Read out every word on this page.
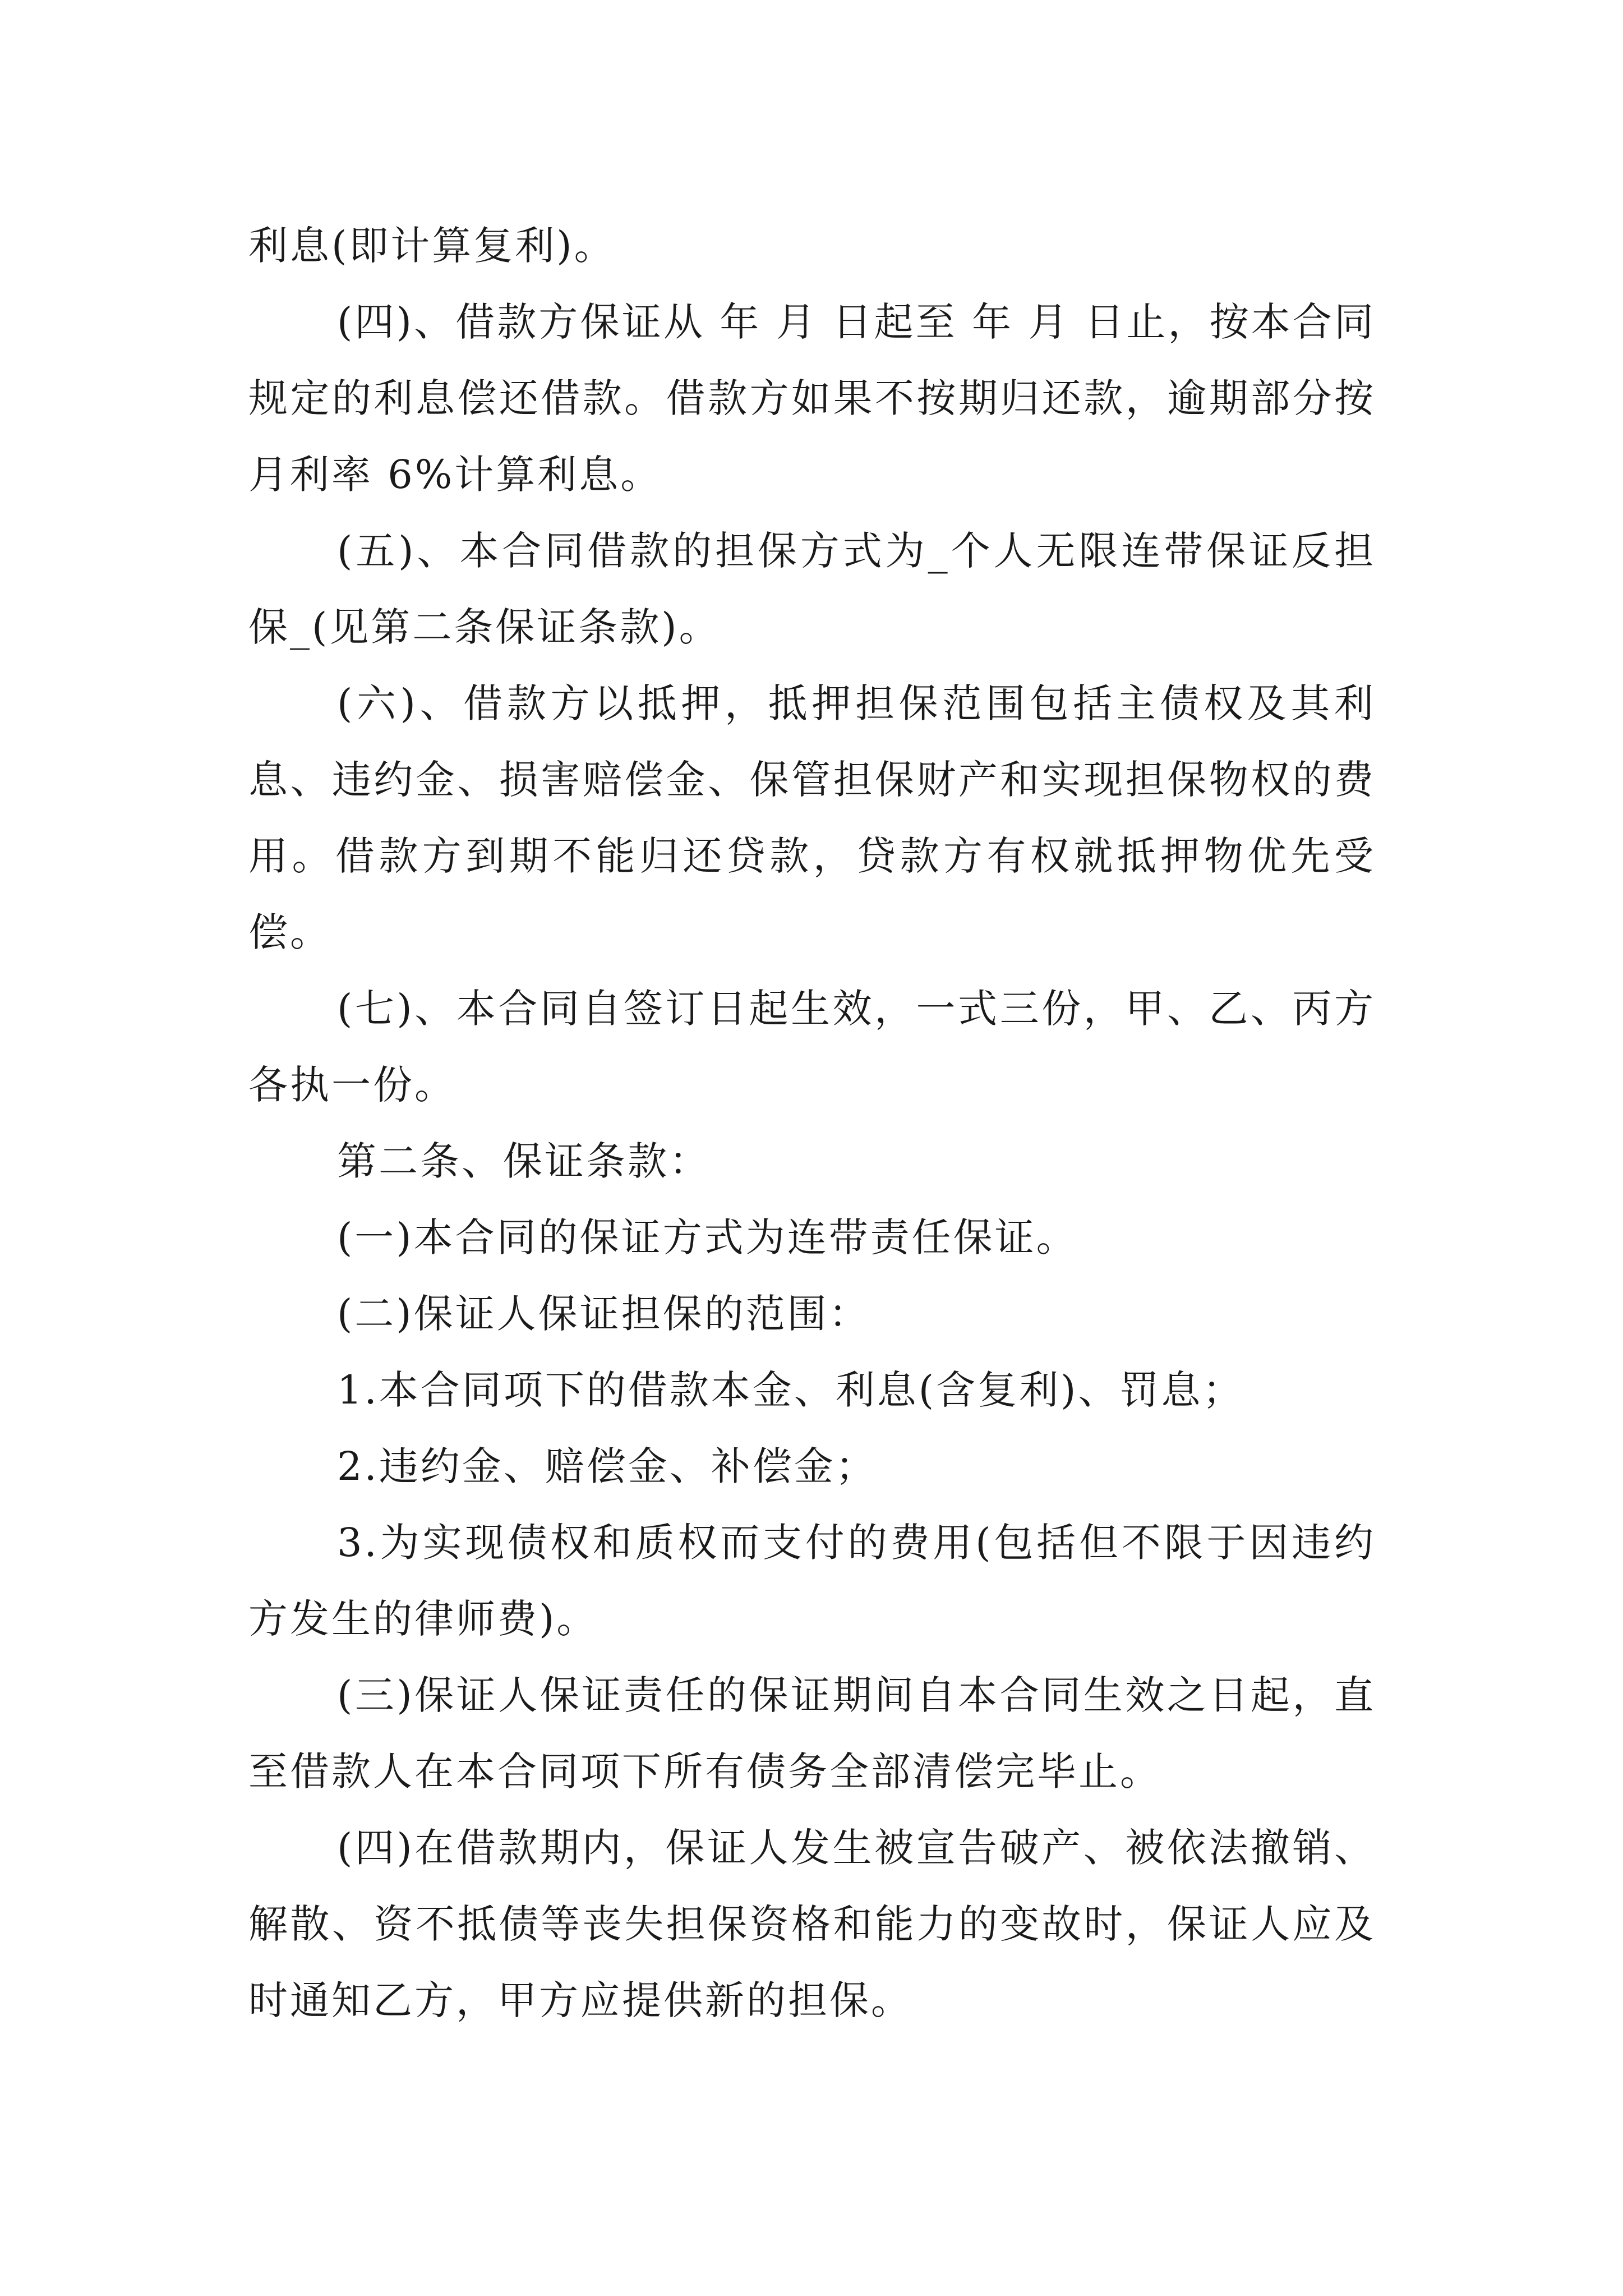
利息(即计算复利)。

(四)、借款方保证从 年 月 日起至 年 月 日止，按本合同规定的利息偿还借款。借款方如果不按期归还款，逾期部分按月利率 6%计算利息。

(五)、本合同借款的担保方式为_个人无限连带保证反担保_(见第二条保证条款)。

(六)、借款方以抵押，抵押担保范围包括主债权及其利息、违约金、损害赔偿金、保管担保财产和实现担保物权的费用。借款方到期不能归还贷款，贷款方有权就抵押物优先受偿。

(七)、本合同自签订日起生效，一式三份，甲、乙、丙方各执一份。

第二条、保证条款：

(一)本合同的保证方式为连带责任保证。

(二)保证人保证担保的范围：

1.本合同项下的借款本金、利息(含复利)、罚息；

2.违约金、赔偿金、补偿金；

3.为实现债权和质权而支付的费用(包括但不限于因违约方发生的律师费)。

(三)保证人保证责任的保证期间自本合同生效之日起，直至借款人在本合同项下所有债务全部清偿完毕止。

(四)在借款期内，保证人发生被宣告破产、被依法撤销、解散、资不抵债等丧失担保资格和能力的变故时，保证人应及时通知乙方，甲方应提供新的担保。
